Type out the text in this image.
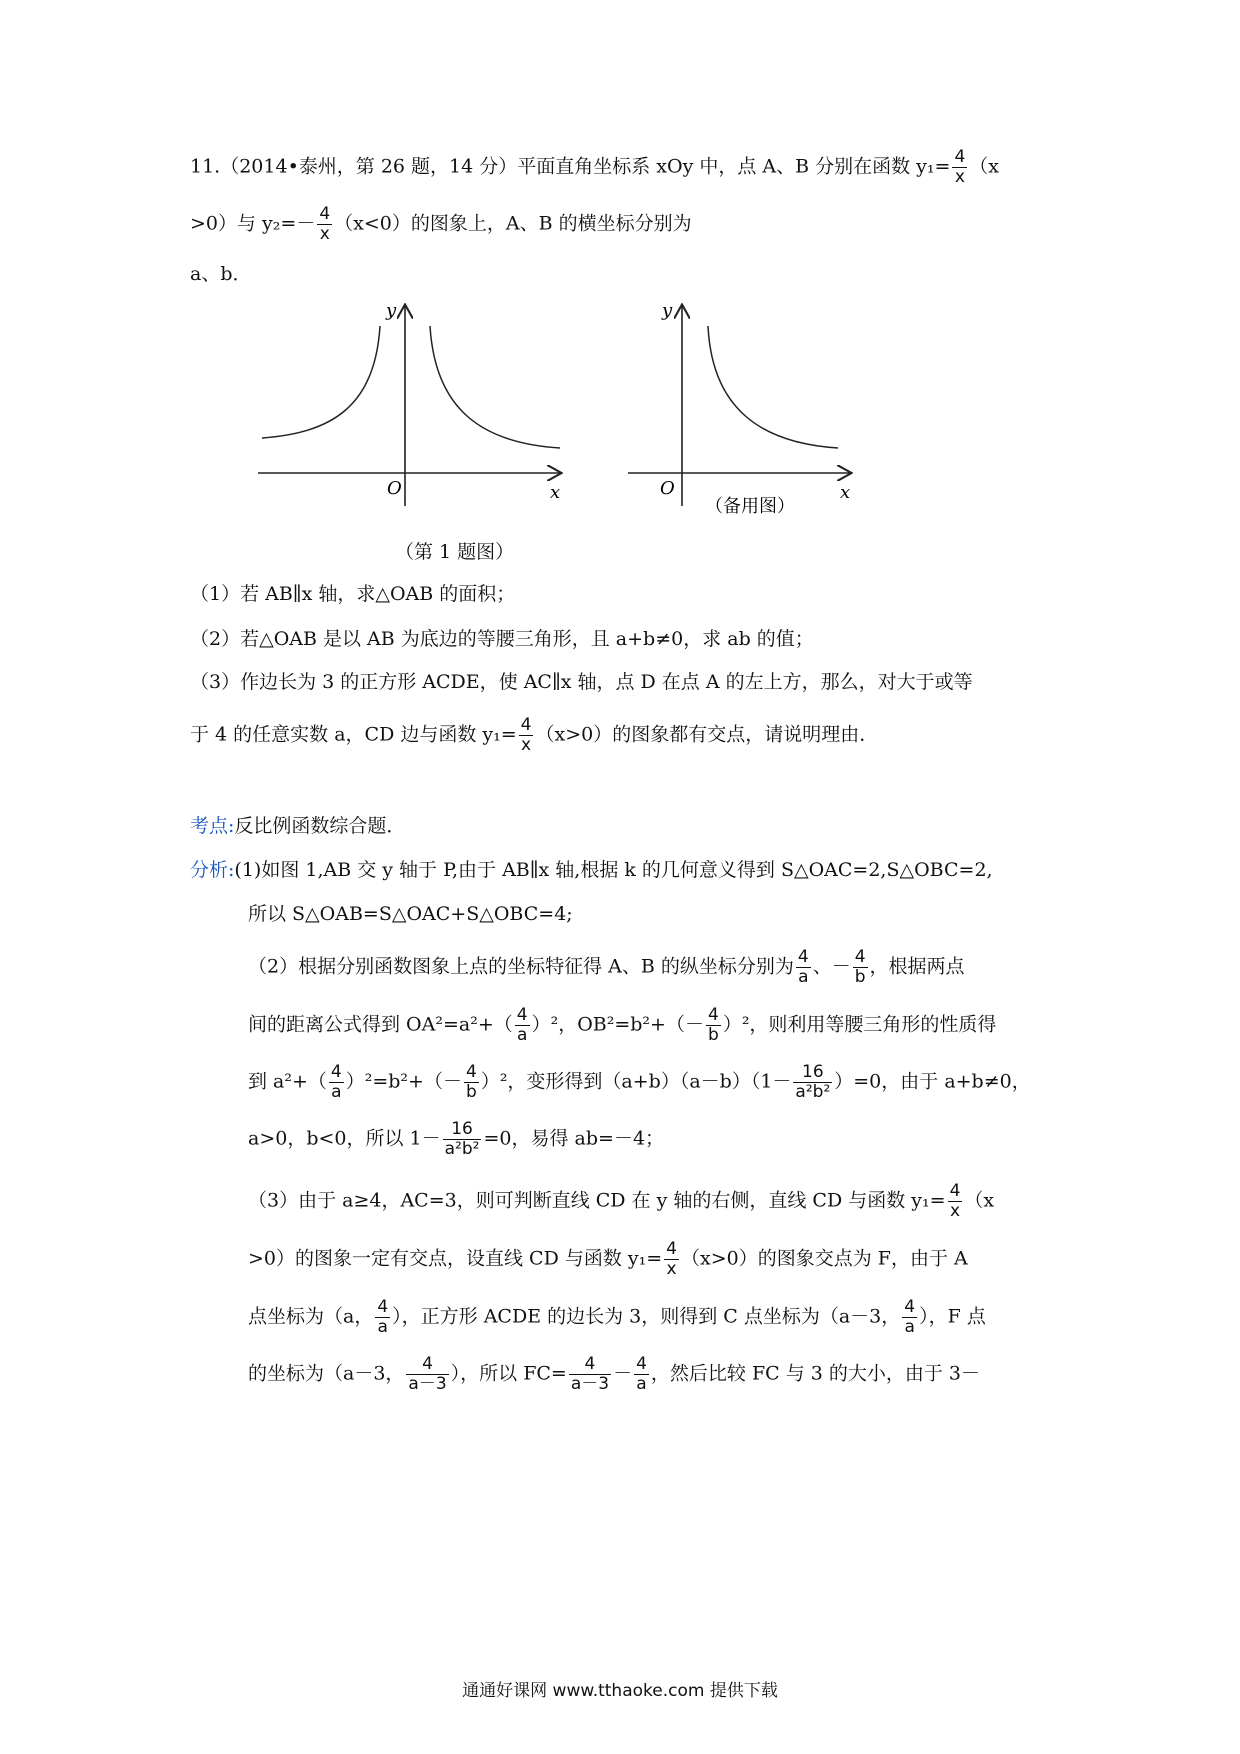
11.（2014•泰州，第 26 题，14 分）平面直角坐标系 xOy 中，点 A、B 分别在函数 $y_1= \frac{4}{x} (x$
>0）与 $y_2=- \frac{4}{x} (x<0)$的图象上，A、B 的横坐标分别为
a、b．
y
x
O
y
x
O
（备用图）
（第 1 题图）
（1）若 AB∥x 轴，求△OAB 的面积；
（2）若△OAB 是以 AB 为底边的等腰三角形，且 a+b≠0，求 ab 的值；
（3）作边长为 3 的正方形 ACDE，使 AC∥x 轴，点 D 在点 A 的左上方，那么，对大于或等
于 4 的任意实数 a，CD 边与函数 $y_1= \frac{4}{x} (x>0)$的图象都有交点，请说明理由．
考点:反比例函数综合题．
分析:(1)如图 1,AB 交 y 轴于 P,由于 AB∥x 轴,根据 k 的几何意义得到 S△OAC=2,S△OBC=2,
所以 S△OAB=S△OAC+S△OBC=4;
（2）根据分别函数图象上点的坐标特征得 A、B 的纵坐标分别为 $\frac{4}{a}$ 、－ $\frac{4}{b}$ ，根据两点
间的距离公式得到 $OA^2=a^2+( \frac{4}{a} )^2$，$OB^2=b^2+(- \frac{4}{b} )^2$，则利用等腰三角形的性质得
到 $a^2+( \frac{4}{a} )^2=b^2+(- \frac{4}{b} )^2$，变形得到$(a+b)(a-b)(1- \frac{16}{\text{a²b²}} )=0$，由于 a+b≠0，
a>0，b<0，所以 $1- \frac{16}{\text{a²b²}} =0$，易得 ab=－4；
（3）由于 a≥4，AC=3，则可判断直线 CD 在 y 轴的右侧，直线 CD 与函数 $y_1= \frac{4}{x} (x$
>0）的图象一定有交点，设直线 CD 与函数 $y_1= \frac{4}{x} (x>0)$的图象交点为 F，由于 A
点坐标为（a， $\frac{4}{a}$ ），正方形 ACDE 的边长为 3，则得到 C 点坐标为（a－3， $\frac{4}{a}$ ），F 点
的坐标为（a－3， $\frac{4}{a-3}$ ），所以 $FC= \frac{4}{a-3} - \frac{4}{a}$ ，然后比较 FC 与 3 的大小，由于 3－
通通好课网 www.tthaoke.com 提供下载
